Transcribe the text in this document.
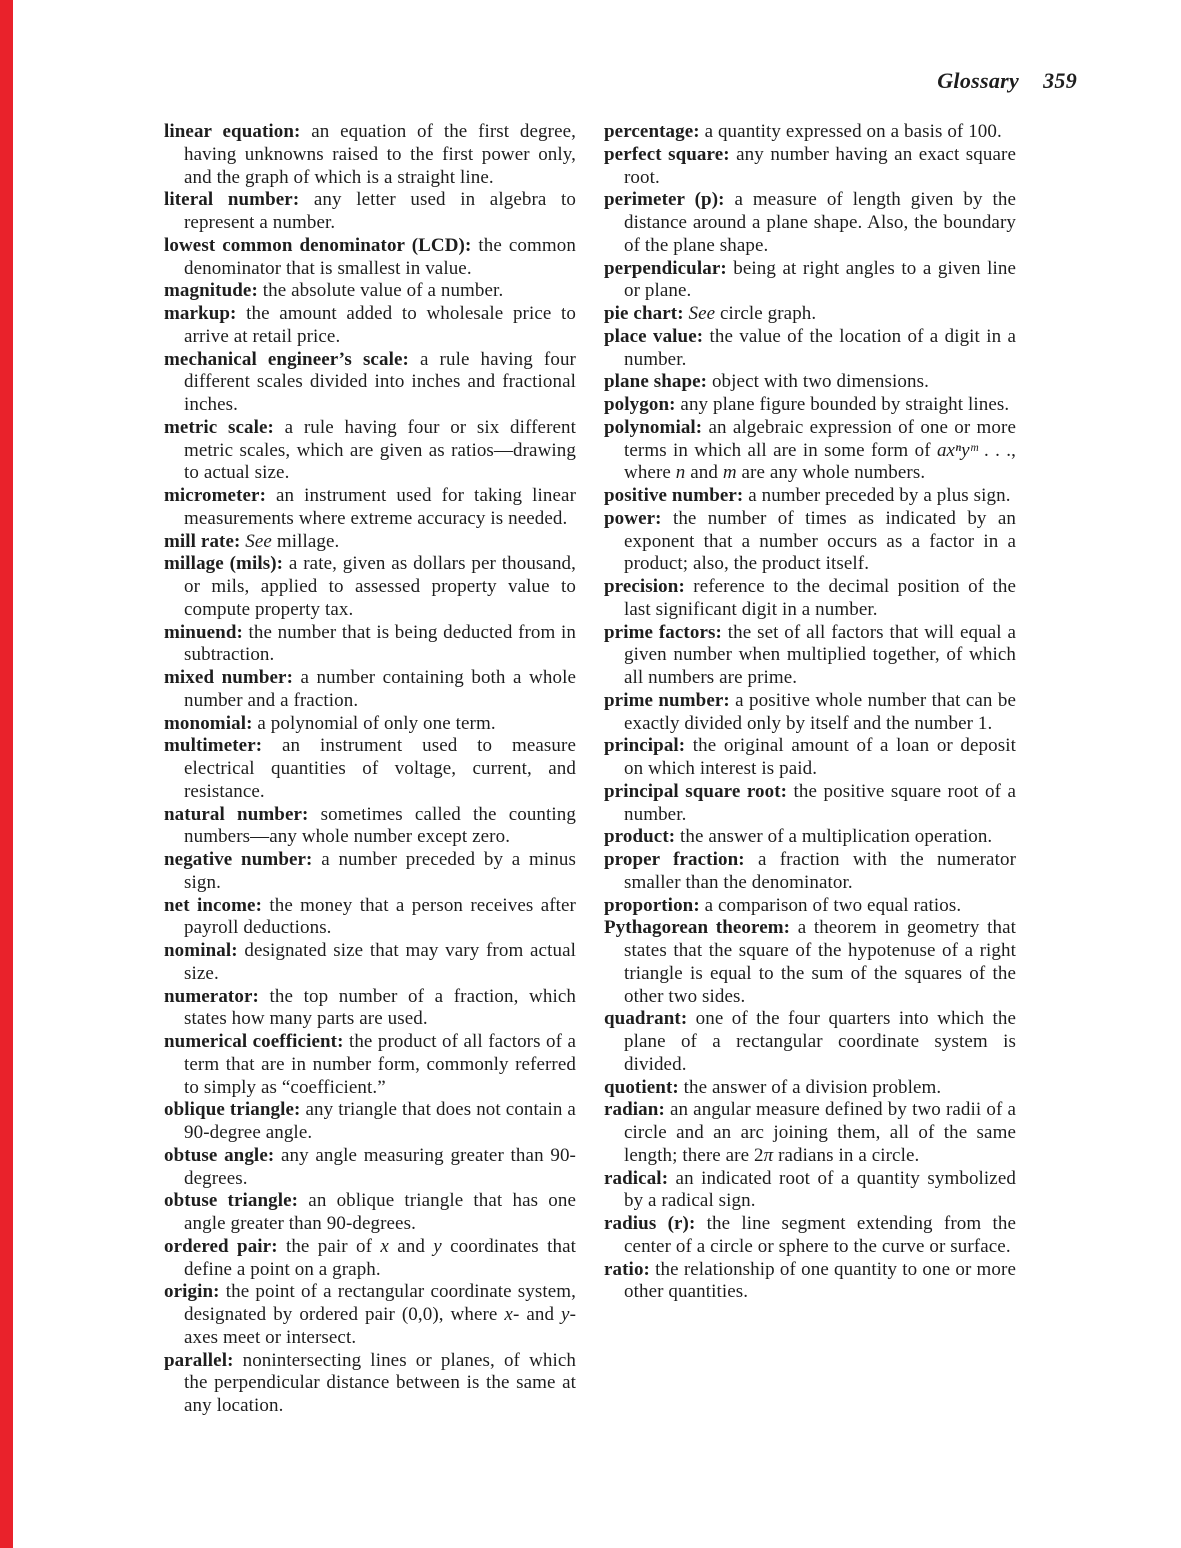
Glossary 359

linear equation: an equation of the first degree, having unknowns raised to the first power only, and the graph of which is a straight line.

literal number: any letter used in algebra to represent a number.

lowest common denominator (LCD): the common denominator that is smallest in value.

magnitude: the absolute value of a number.

markup: the amount added to wholesale price to arrive at retail price.

mechanical engineer’s scale: a rule having four different scales divided into inches and fractional inches.

metric scale: a rule having four or six different metric scales, which are given as ratios—drawing to actual size.

micrometer: an instrument used for taking linear measurements where extreme accuracy is needed.

mill rate: See millage.

millage (mils): a rate, given as dollars per thousand, or mils, applied to assessed property value to compute property tax.

minuend: the number that is being deducted from in subtraction.

mixed number: a number containing both a whole number and a fraction.

monomial: a polynomial of only one term.

multimeter: an instrument used to measure electrical quantities of voltage, current, and resistance.

natural number: sometimes called the counting numbers—any whole number except zero.

negative number: a number preceded by a minus sign.

net income: the money that a person receives after payroll deductions.

nominal: designated size that may vary from actual size.

numerator: the top number of a fraction, which states how many parts are used.

numerical coefficient: the product of all factors of a term that are in number form, commonly referred to simply as “coefficient.”

oblique triangle: any triangle that does not contain a 90-degree angle.

obtuse angle: any angle measuring greater than 90-degrees.

obtuse triangle: an oblique triangle that has one angle greater than 90-degrees.

ordered pair: the pair of x and y coordinates that define a point on a graph.

origin: the point of a rectangular coordinate system, designated by ordered pair (0,0), where x- and y-axes meet or intersect.

parallel: nonintersecting lines or planes, of which the perpendicular distance between is the same at any location.

percentage: a quantity expressed on a basis of 100.

perfect square: any number having an exact square root.

perimeter (p): a measure of length given by the distance around a plane shape. Also, the boundary of the plane shape.

perpendicular: being at right angles to a given line or plane.

pie chart: See circle graph.

place value: the value of the location of a digit in a number.

plane shape: object with two dimensions.

polygon: any plane figure bounded by straight lines.

polynomial: an algebraic expression of one or more terms in which all are in some form of axⁿyᵐ . . ., where n and m are any whole numbers.

positive number: a number preceded by a plus sign.

power: the number of times as indicated by an exponent that a number occurs as a factor in a product; also, the product itself.

precision: reference to the decimal position of the last significant digit in a number.

prime factors: the set of all factors that will equal a given number when multiplied together, of which all numbers are prime.

prime number: a positive whole number that can be exactly divided only by itself and the number 1.

principal: the original amount of a loan or deposit on which interest is paid.

principal square root: the positive square root of a number.

product: the answer of a multiplication operation.

proper fraction: a fraction with the numerator smaller than the denominator.

proportion: a comparison of two equal ratios.

Pythagorean theorem: a theorem in geometry that states that the square of the hypotenuse of a right triangle is equal to the sum of the squares of the other two sides.

quadrant: one of the four quarters into which the plane of a rectangular coordinate system is divided.

quotient: the answer of a division problem.

radian: an angular measure defined by two radii of a circle and an arc joining them, all of the same length; there are 2π radians in a circle.

radical: an indicated root of a quantity symbolized by a radical sign.

radius (r): the line segment extending from the center of a circle or sphere to the curve or surface.

ratio: the relationship of one quantity to one or more other quantities.
